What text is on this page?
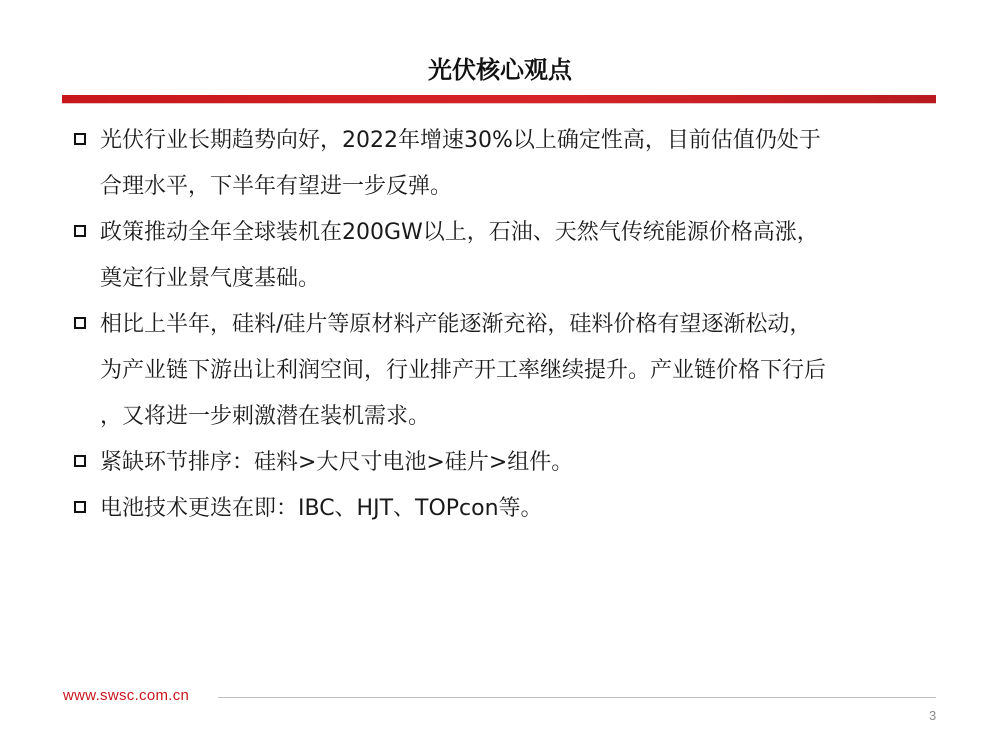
光伏核心观点
光伏行业长期趋势向好，2022年增速30%以上确定性高，目前估值仍处于
合理水平，下半年有望进一步反弹。
政策推动全年全球装机在200GW以上，石油、天然气传统能源价格高涨，
奠定行业景气度基础。
相比上半年，硅料/硅片等原材料产能逐渐充裕，硅料价格有望逐渐松动，
为产业链下游出让利润空间，行业排产开工率继续提升。产业链价格下行后
，又将进一步刺激潜在装机需求。
紧缺环节排序：硅料>大尺寸电池>硅片>组件。
电池技术更迭在即：IBC、HJT、TOPcon等。
www.swsc.com.cn
3
